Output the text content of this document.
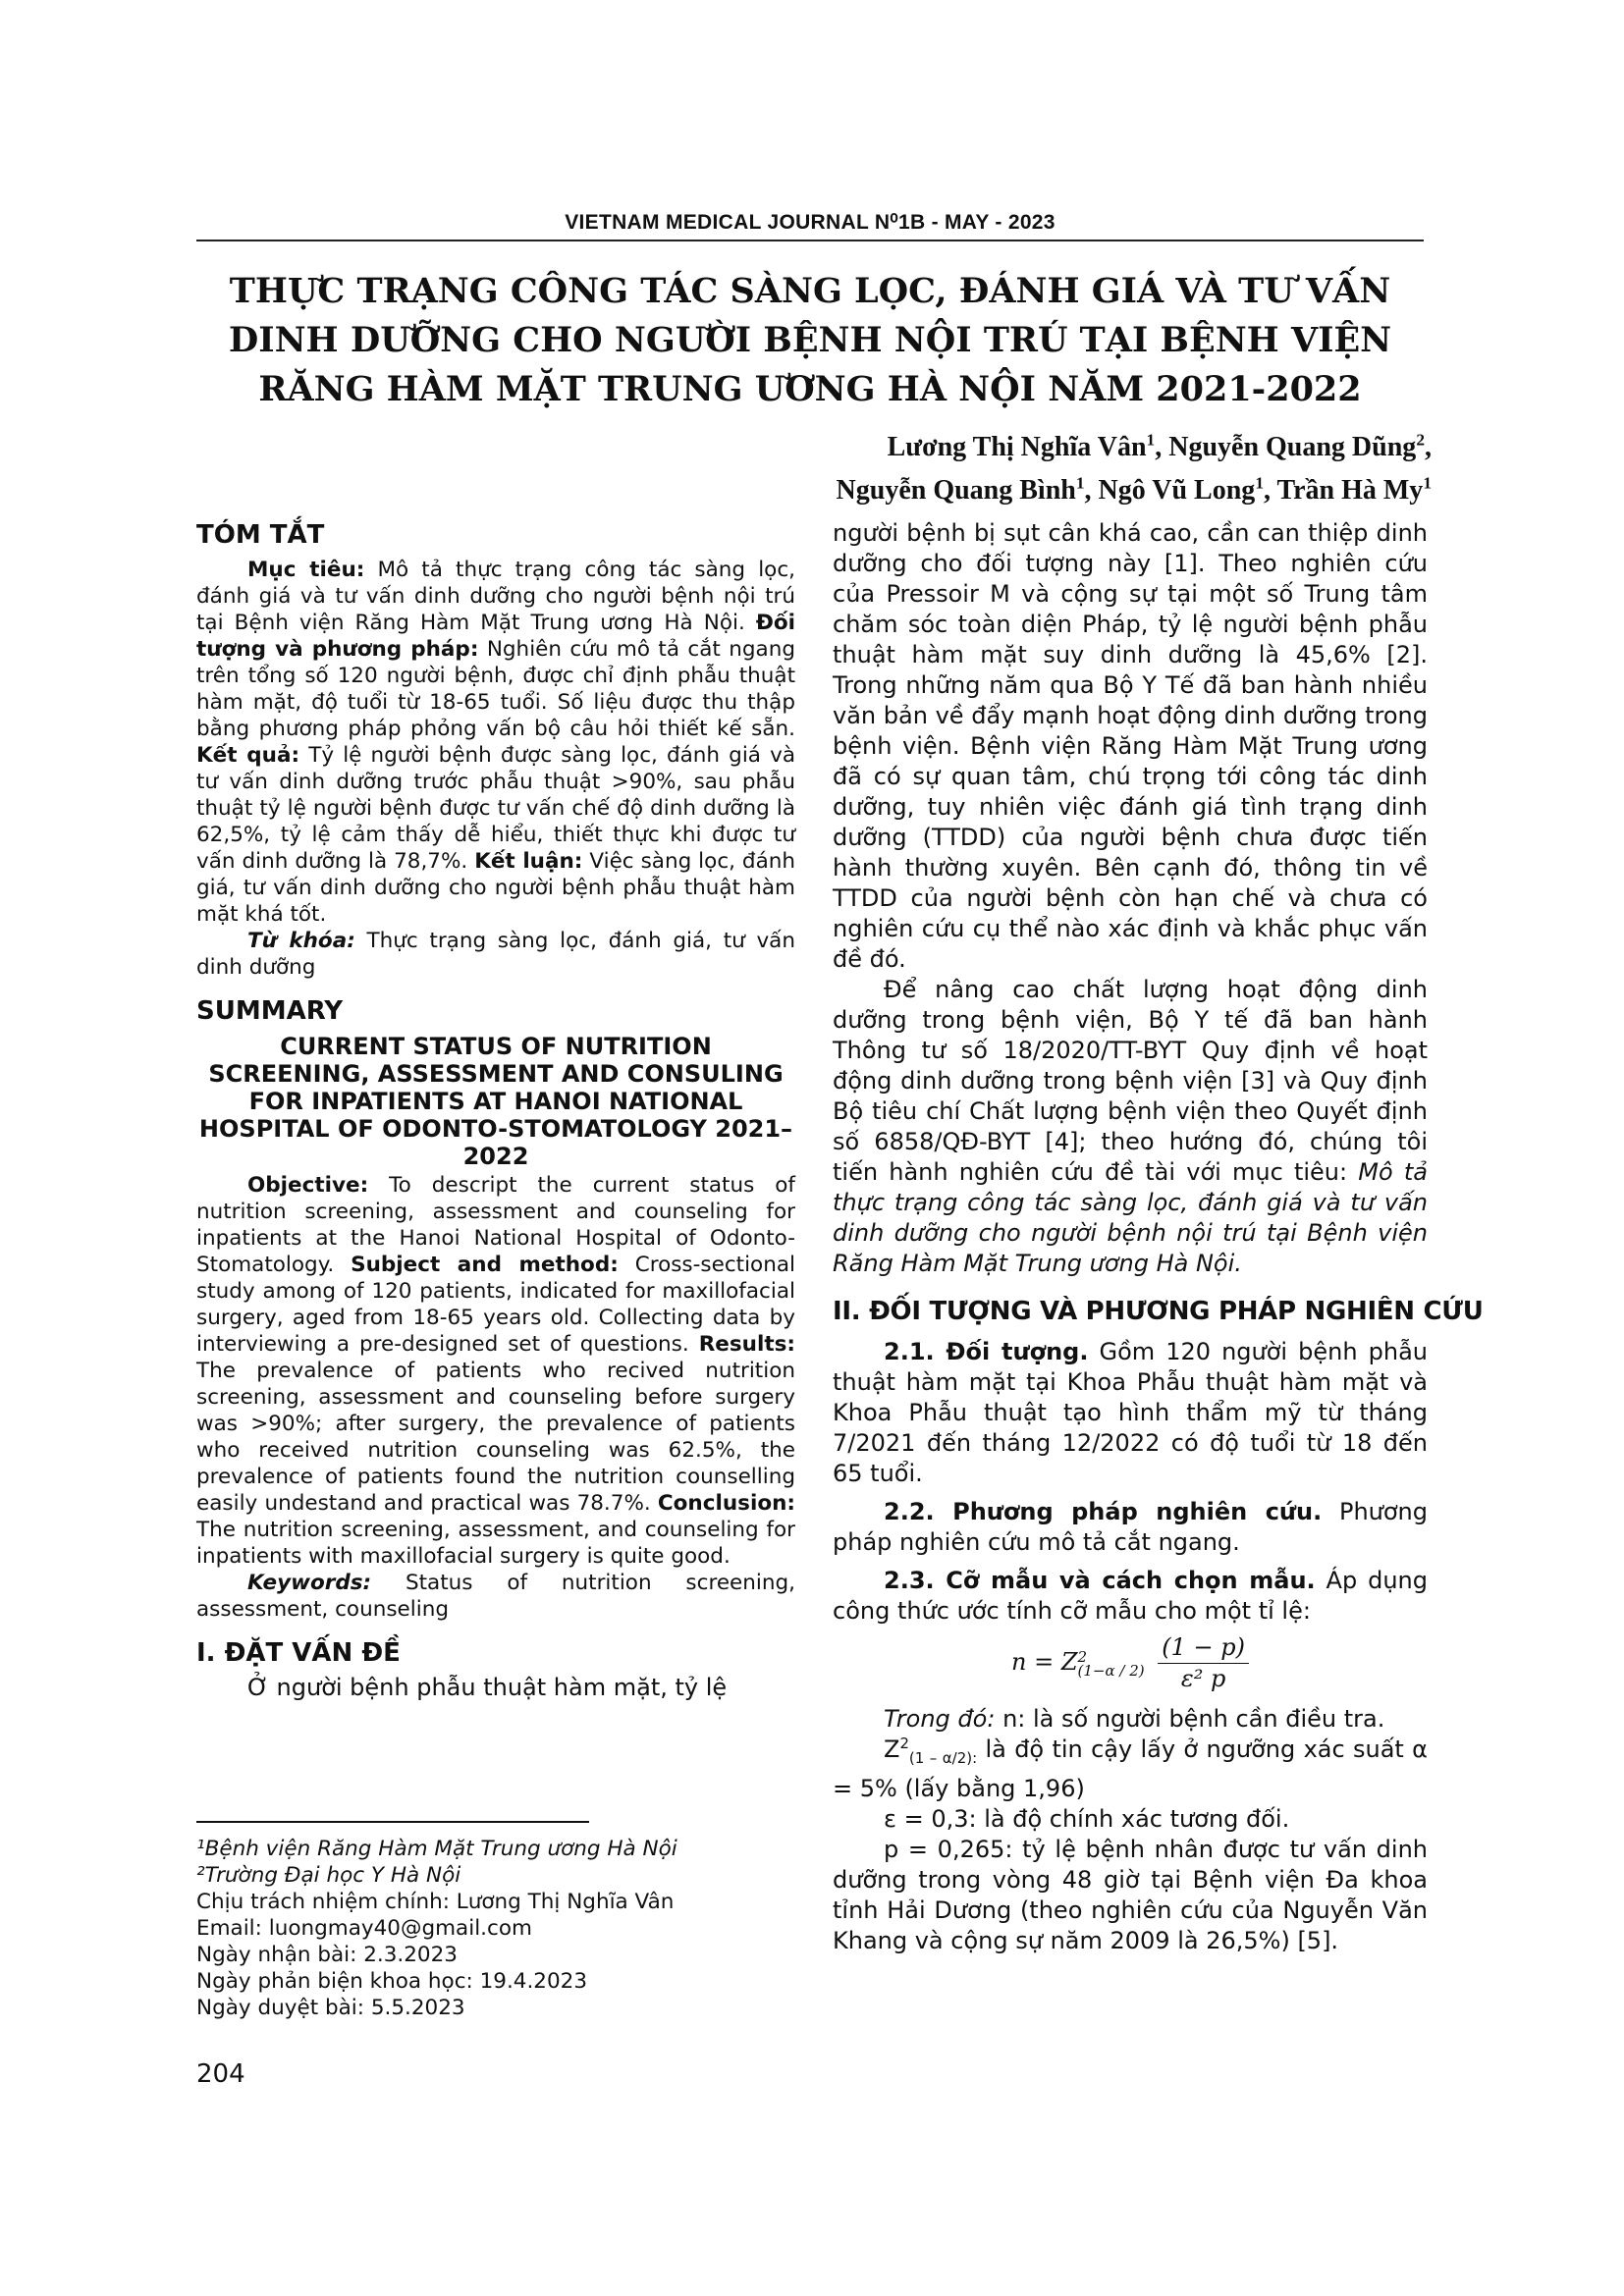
VIETNAM MEDICAL JOURNAL N⁰1B - MAY - 2023
THỰC TRẠNG CÔNG TÁC SÀNG LỌC, ĐÁNH GIÁ VÀ TƯ VẤN
DINH DƯỠNG CHO NGƯỜI BỆNH NỘI TRÚ TẠI BỆNH VIỆN
RĂNG HÀM MẶT TRUNG ƯƠNG HÀ NỘI NĂM 2021-2022
Lương Thị Nghĩa Vân$^1$, Nguyễn Quang Dũng$^2$,
Nguyễn Quang Bình$^1$, Ngô Vũ Long$^1$, Trần Hà My$^1$
TÓM TẮT

Mục tiêu: Mô tả thực trạng công tác sàng lọc, đánh giá và tư vấn dinh dưỡng cho người bệnh nội trú tại Bệnh viện Răng Hàm Mặt Trung ương Hà Nội. Đối tượng và phương pháp: Nghiên cứu mô tả cắt ngang trên tổng số 120 người bệnh, được chỉ định phẫu thuật hàm mặt, độ tuổi từ 18-65 tuổi. Số liệu được thu thập bằng phương pháp phỏng vấn bộ câu hỏi thiết kế sẵn. Kết quả: Tỷ lệ người bệnh được sàng lọc, đánh giá và tư vấn dinh dưỡng trước phẫu thuật >90%, sau phẫu thuật tỷ lệ người bệnh được tư vấn chế độ dinh dưỡng là 62,5%, tỷ lệ cảm thấy dễ hiểu, thiết thực khi được tư vấn dinh dưỡng là 78,7%. Kết luận: Việc sàng lọc, đánh giá, tư vấn dinh dưỡng cho người bệnh phẫu thuật hàm mặt khá tốt.

Từ khóa: Thực trạng sàng lọc, đánh giá, tư vấn dinh dưỡng

SUMMARY
CURRENT STATUS OF NUTRITION SCREENING, ASSESSMENT AND CONSULING FOR INPATIENTS AT HANOI NATIONAL HOSPITAL OF ODONTO-STOMATOLOGY 2021–2022

Objective: To descript the current status of nutrition screening, assessment and counseling for inpatients at the Hanoi National Hospital of Odonto-Stomatology. Subject and method: Cross-sectional study among of 120 patients, indicated for maxillofacial surgery, aged from 18-65 years old. Collecting data by interviewing a pre-designed set of questions. Results: The prevalence of patients who recived nutrition screening, assessment and counseling before surgery was >90%; after surgery, the prevalence of patients who received nutrition counseling was 62.5%, the prevalence of patients found the nutrition counselling easily undestand and practical was 78.7%. Conclusion: The nutrition screening, assessment, and counseling for inpatients with maxillofacial surgery is quite good.

Keywords: Status of nutrition screening, assessment, counseling

I. ĐẶT VẤN ĐỀ

Ở người bệnh phẫu thuật hàm mặt, tỷ lệ

người bệnh bị sụt cân khá cao, cần can thiệp dinh dưỡng cho đối tượng này [1]. Theo nghiên cứu của Pressoir M và cộng sự tại một số Trung tâm chăm sóc toàn diện Pháp, tỷ lệ người bệnh phẫu thuật hàm mặt suy dinh dưỡng là 45,6% [2]. Trong những năm qua Bộ Y Tế đã ban hành nhiều văn bản về đẩy mạnh hoạt động dinh dưỡng trong bệnh viện. Bệnh viện Răng Hàm Mặt Trung ương đã có sự quan tâm, chú trọng tới công tác dinh dưỡng, tuy nhiên việc đánh giá tình trạng dinh dưỡng (TTDD) của người bệnh chưa được tiến hành thường xuyên. Bên cạnh đó, thông tin về TTDD của người bệnh còn hạn chế và chưa có nghiên cứu cụ thể nào xác định và khắc phục vấn đề đó.

Để nâng cao chất lượng hoạt động dinh dưỡng trong bệnh viện, Bộ Y tế đã ban hành Thông tư số 18/2020/TT-BYT Quy định về hoạt động dinh dưỡng trong bệnh viện [3] và Quy định Bộ tiêu chí Chất lượng bệnh viện theo Quyết định số 6858/QĐ-BYT [4]; theo hướng đó, chúng tôi tiến hành nghiên cứu đề tài với mục tiêu: Mô tả thực trạng công tác sàng lọc, đánh giá và tư vấn dinh dưỡng cho người bệnh nội trú tại Bệnh viện Răng Hàm Mặt Trung ương Hà Nội.

II. ĐỐI TƯỢNG VÀ PHƯƠNG PHÁP NGHIÊN CỨU

2.1. Đối tượng. Gồm 120 người bệnh phẫu thuật hàm mặt tại Khoa Phẫu thuật hàm mặt và Khoa Phẫu thuật tạo hình thẩm mỹ từ tháng 7/2021 đến tháng 12/2022 có độ tuổi từ 18 đến 65 tuổi.

2.2. Phương pháp nghiên cứu. Phương pháp nghiên cứu mô tả cắt ngang.

2.3. Cỡ mẫu và cách chọn mẫu. Áp dụng công thức ước tính cỡ mẫu cho một tỉ lệ:

n = Z 2
(1−α / 2)
$\frac{(1 - p)}{\text{ε² p}}$

Trong đó: n: là số người bệnh cần điều tra.

$Z^2_{(1 - \alpha/2):}$ là độ tin cậy lấy ở ngưỡng xác suất α = 5% (lấy bằng 1,96)

ε = 0,3: là độ chính xác tương đối.

p = 0,265: tỷ lệ bệnh nhân được tư vấn dinh dưỡng trong vòng 48 giờ tại Bệnh viện Đa khoa tỉnh Hải Dương (theo nghiên cứu của Nguyễn Văn Khang và cộng sự năm 2009 là 26,5%) [5].

¹Bệnh viện Răng Hàm Mặt Trung ương Hà Nội
²Trường Đại học Y Hà Nội
Chịu trách nhiệm chính: Lương Thị Nghĩa Vân
Email: luongmay40@gmail.com
Ngày nhận bài: 2.3.2023
Ngày phản biện khoa học: 19.4.2023
Ngày duyệt bài: 5.5.2023
204
